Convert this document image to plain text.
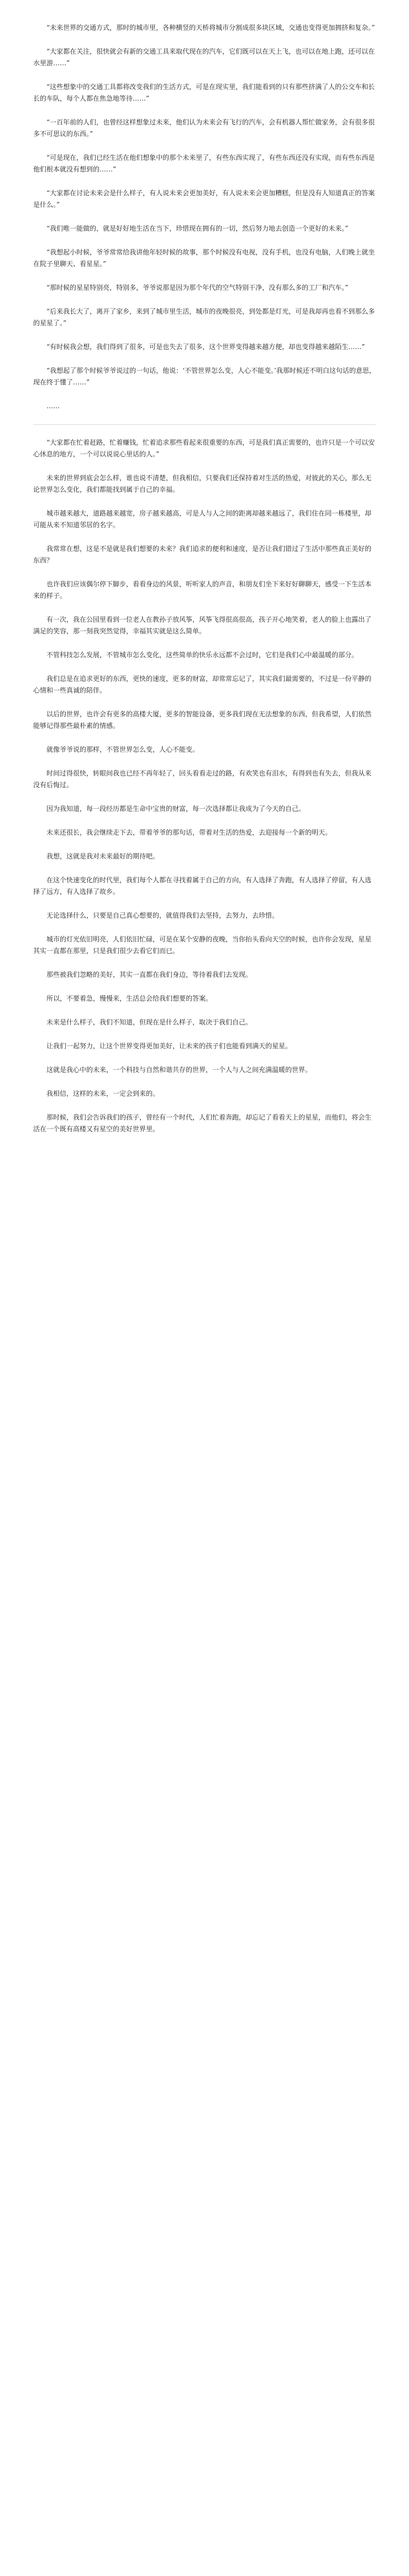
“未来世界的交通方式，那时的城市里，各种横竖的天桥将城市分割成很多块区域，交通也变得更加拥挤和复杂。”

“大家都在关注，很快就会有新的交通工具来取代现在的汽车，它们既可以在天上飞，也可以在地上跑，还可以在水里游……”

“这些想象中的交通工具都将改变我们的生活方式，可是在现实里，我们能看到的只有那些挤满了人的公交车和长长的车队，每个人都在焦急地等待……”

“一百年前的人们，也曾经这样想象过未来，他们认为未来会有飞行的汽车，会有机器人帮忙做家务，会有很多很多不可思议的东西。”

“可是现在，我们已经生活在他们想象中的那个未来里了，有些东西实现了，有些东西还没有实现，而有些东西是他们根本就没有想到的……”

“大家都在讨论未来会是什么样子，有人说未来会更加美好，有人说未来会更加糟糕，但是没有人知道真正的答案是什么。”

“我们唯一能做的，就是好好地生活在当下，珍惜现在拥有的一切，然后努力地去创造一个更好的未来。”

“我想起小时候，爷爷常常给我讲他年轻时候的故事，那个时候没有电视，没有手机，也没有电脑，人们晚上就坐在院子里聊天、看星星。”

“那时候的星星特别亮，特别多，爷爷说那是因为那个年代的空气特别干净，没有那么多的工厂和汽车。”

“后来我长大了，离开了家乡，来到了城市里生活，城市的夜晚很亮，到处都是灯光，可是我却再也看不到那么多的星星了。”

“有时候我会想，我们得到了很多，可是也失去了很多，这个世界变得越来越方便，却也变得越来越陌生……”

“我想起了那个时候爷爷说过的一句话，他说：‘不管世界怎么变，人心不能变。’我那时候还不明白这句话的意思，现在终于懂了……”

……

“大家都在忙着赶路，忙着赚钱，忙着追求那些看起来很重要的东西，可是我们真正需要的，也许只是一个可以安心休息的地方，一个可以说说心里话的人。”

未来的世界到底会怎么样，谁也说不清楚，但我相信，只要我们还保持着对生活的热爱，对彼此的关心，那么无论世界怎么变化，我们都能找到属于自己的幸福。

城市越来越大，道路越来越宽，房子越来越高，可是人与人之间的距离却越来越远了，我们住在同一栋楼里，却可能从来不知道邻居的名字。

我常常在想，这是不是就是我们想要的未来？我们追求的便利和速度，是否让我们错过了生活中那些真正美好的东西？

也许我们应该偶尔停下脚步，看看身边的风景，听听家人的声音，和朋友们坐下来好好聊聊天，感受一下生活本来的样子。

有一次，我在公园里看到一位老人在教孙子放风筝，风筝飞得很高很高，孩子开心地笑着，老人的脸上也露出了满足的笑容，那一刻我突然觉得，幸福其实就是这么简单。

不管科技怎么发展，不管城市怎么变化，这些简单的快乐永远都不会过时，它们是我们心中最温暖的部分。

我们总是在追求更好的东西，更快的速度，更多的财富，却常常忘记了，其实我们最需要的，不过是一份平静的心情和一些真诚的陪伴。

以后的世界，也许会有更多的高楼大厦，更多的智能设备，更多我们现在无法想象的东西，但我希望，人们依然能够记得那些最朴素的情感。

就像爷爷说的那样，不管世界怎么变，人心不能变。

时间过得很快，转眼间我也已经不再年轻了，回头看看走过的路，有欢笑也有泪水，有得到也有失去，但我从来没有后悔过。

因为我知道，每一段经历都是生命中宝贵的财富，每一次选择都让我成为了今天的自己。

未来还很长，我会继续走下去，带着爷爷的那句话，带着对生活的热爱，去迎接每一个新的明天。

我想，这就是我对未来最好的期待吧。

在这个快速变化的时代里，我们每个人都在寻找着属于自己的方向，有人选择了奔跑，有人选择了停留，有人选择了远方，有人选择了故乡。

无论选择什么，只要是自己真心想要的，就值得我们去坚持，去努力，去珍惜。

城市的灯光依旧明亮，人们依旧忙碌，可是在某个安静的夜晚，当你抬头看向天空的时候，也许你会发现，星星其实一直都在那里，只是我们很少去看它们而已。

那些被我们忽略的美好，其实一直都在我们身边，等待着我们去发现。

所以，不要着急，慢慢来，生活总会给我们想要的答案。

未来是什么样子，我们不知道，但现在是什么样子，取决于我们自己。

让我们一起努力，让这个世界变得更加美好，让未来的孩子们也能看到满天的星星。

这就是我心中的未来，一个科技与自然和谐共存的世界，一个人与人之间充满温暖的世界。

我相信，这样的未来，一定会到来的。

那时候，我们会告诉我们的孩子，曾经有一个时代，人们忙着奔跑，却忘记了看看天上的星星，而他们，将会生活在一个既有高楼又有星空的美好世界里。
